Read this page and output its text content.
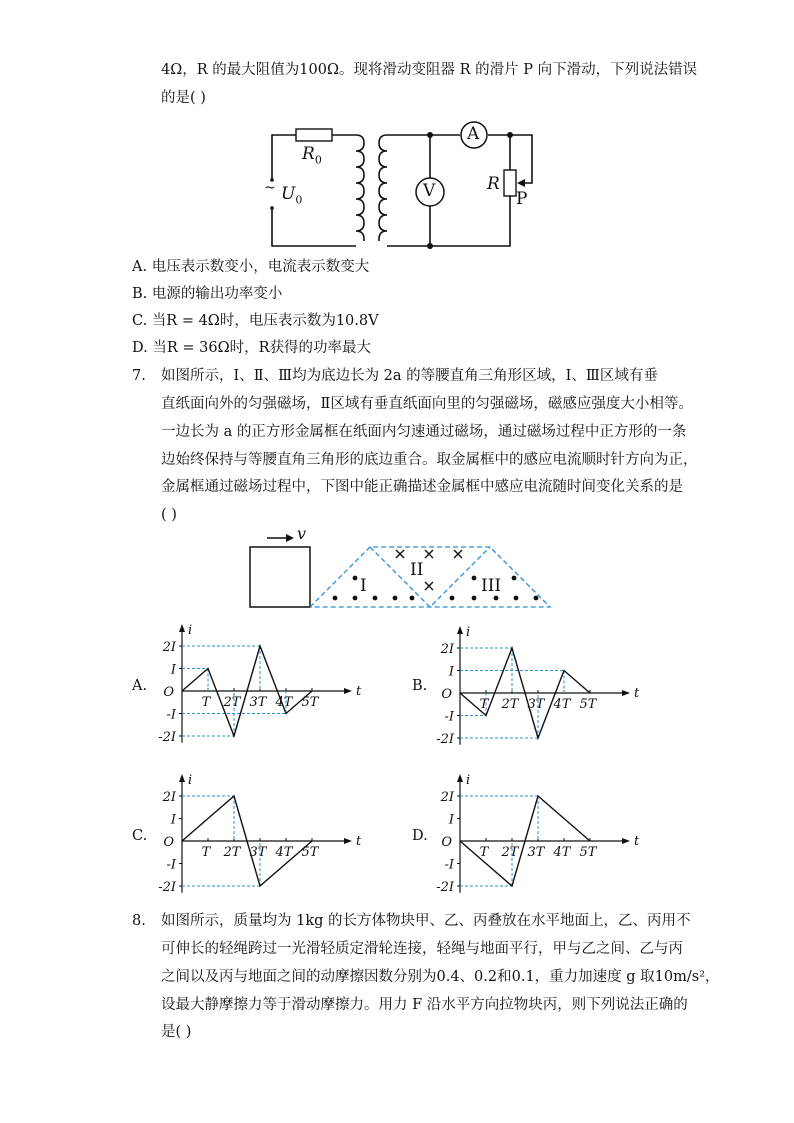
4Ω，R 的最大阻值为100Ω。现将滑动变阻器 R 的滑片 P 向下滑动，下列说法错误
的是( )
$R_0$
~ $U_0$
A
V	R
P
A. 电压表示数变小，电流表示数变大
B. 电源的输出功率变小
C. 当R = 4Ω时，电压表示数为10.8V
D. 当R = 36Ω时，R获得的功率最大
7. 如图所示，Ⅰ、Ⅱ、Ⅲ均为底边长为 2a 的等腰直角三角形区域，Ⅰ、Ⅲ区域有垂
直纸面向外的匀强磁场，Ⅱ区域有垂直纸面向里的匀强磁场，磁感应强度大小相等。
一边长为 a 的正方形金属框在纸面内匀速通过磁场，通过磁场过程中正方形的一条
边始终保持与等腰直角三角形的底边重合。取金属框中的感应电流顺时针方向为正，
金属框通过磁场过程中，下图中能正确描述金属框中感应电流随时间变化关系的是
( )
v
I
II
III
A.	B.
C.	D.
i
t
O
2I
I
-I
-2I
T 2T 3T 4T 5T
i
t
O
2I
I
-I
-2I
T 2T 3T 4T 5T
i
t
O
2I
I
-I
-2I
T 2T 3T 4T 5T
i
t
O
2I
I
-I
-2I
T 2T 3T 4T 5T
8. 如图所示，质量均为 1kg 的长方体物块甲、乙、丙叠放在水平地面上，乙、丙用不
可伸长的轻绳跨过一光滑轻质定滑轮连接，轻绳与地面平行，甲与乙之间、乙与丙
之间以及丙与地面之间的动摩擦因数分别为0.4、0.2和0.1，重力加速度 g 取10m/s²，
设最大静摩擦力等于滑动摩擦力。用力 F 沿水平方向拉物块丙，则下列说法正确的
是( )
